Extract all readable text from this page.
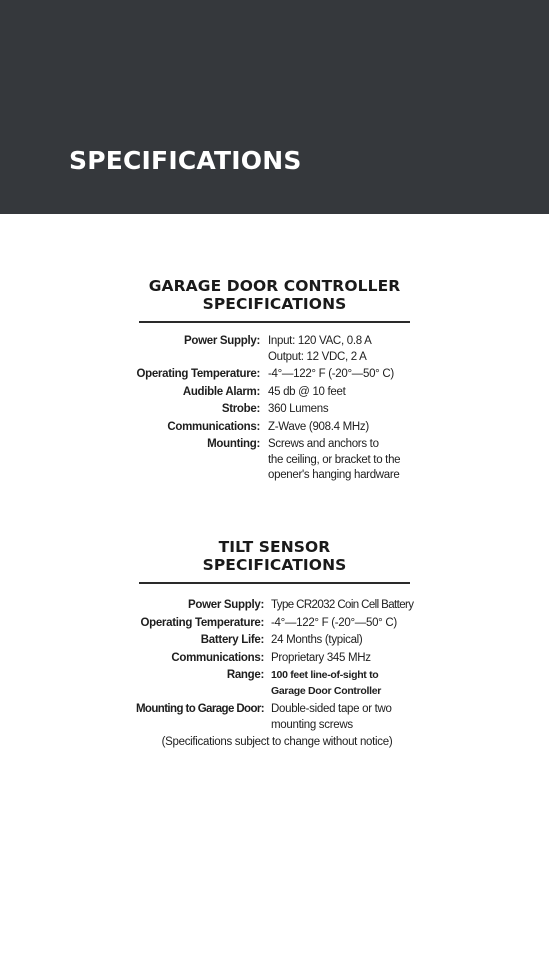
SPECIFICATIONS
GARAGE DOOR CONTROLLER
SPECIFICATIONS
Power Supply: Input: 120 VAC, 0.8 A
Output: 12 VDC, 2 A
Operating Temperature: -4°—122° F (-20°—50° C)
Audible Alarm: 45 db @ 10 feet
Strobe: 360 Lumens
Communications: Z-Wave (908.4 MHz)
Mounting: Screws and anchors to
the ceiling, or bracket to the
opener's hanging hardware
TILT SENSOR
SPECIFICATIONS
Power Supply: Type CR2032 Coin Cell Battery
Operating Temperature: -4°—122° F (-20°—50° C)
Battery Life: 24 Months (typical)
Communications: Proprietary 345 MHz
Range: 100 feet line-of-sight to
Garage Door Controller
Mounting to Garage Door: Double-sided tape or two
mounting screws
(Specifications subject to change without notice)
